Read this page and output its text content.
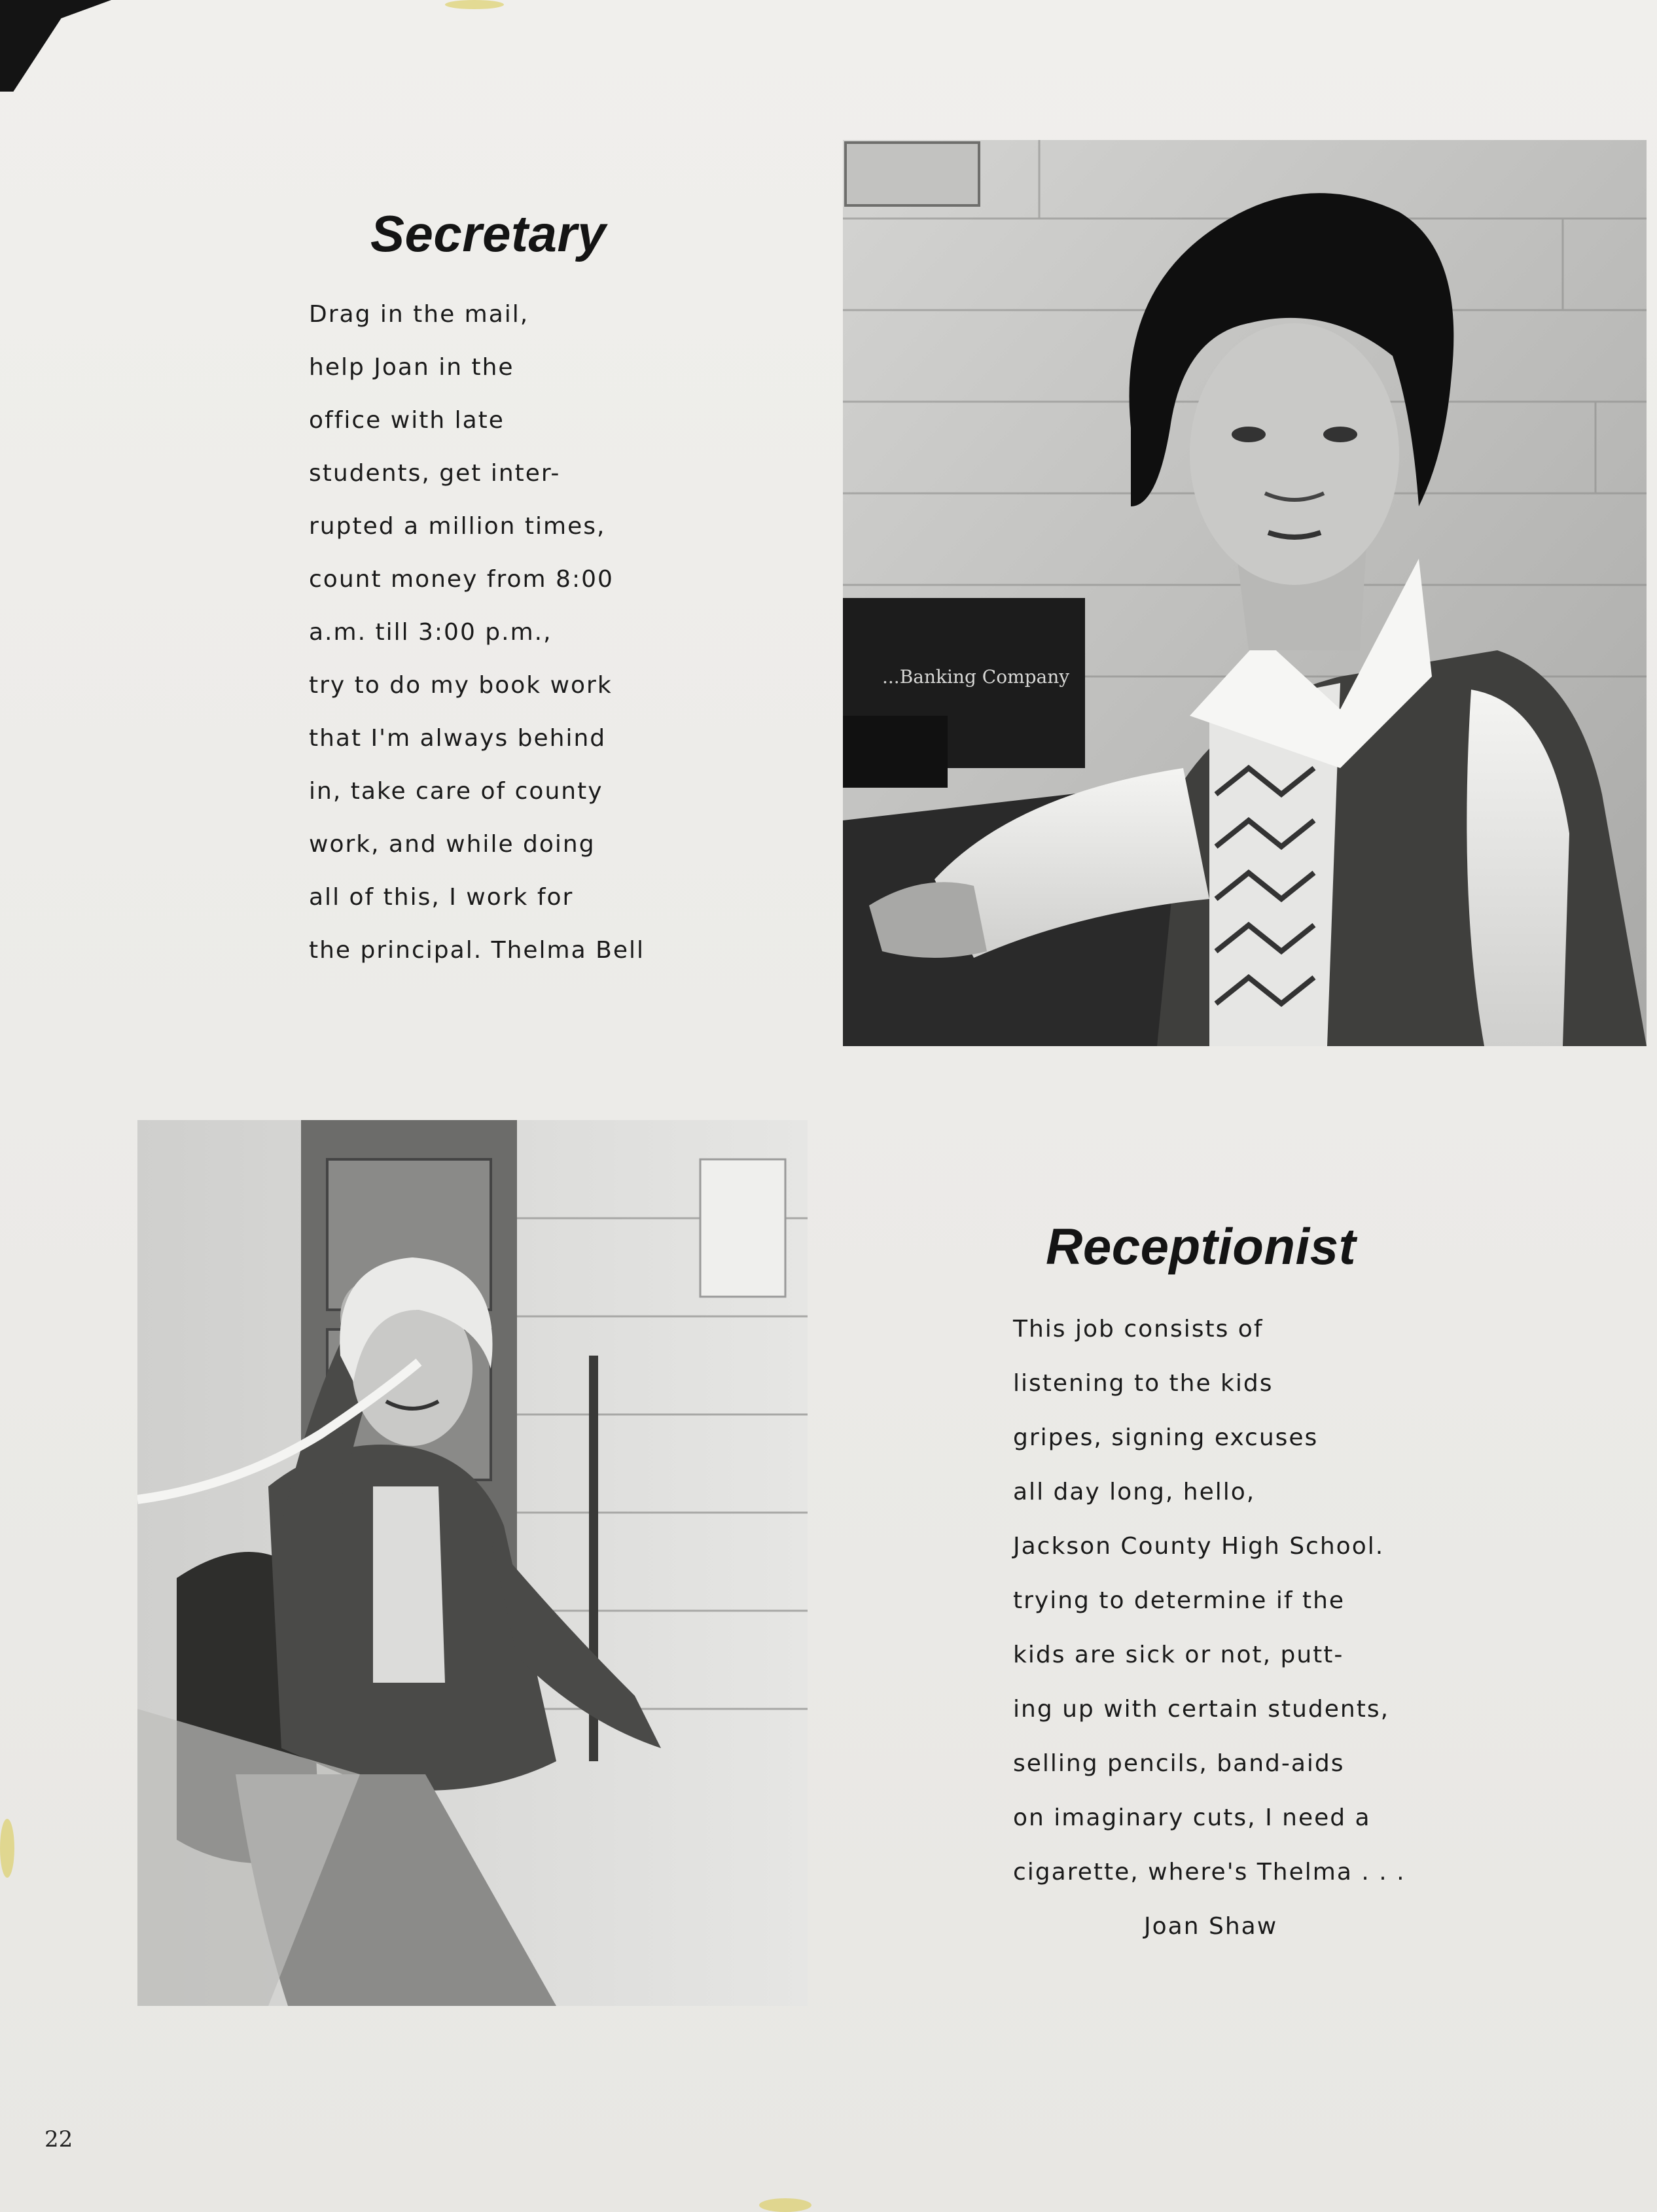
Secretary
Drag in the mail,
help Joan in the
office with late
students, get inter-
rupted a million times,
count money from 8:00
a.m. till 3:00 p.m.,
try to do my book work
that I'm always behind
in, take care of county
work, and while doing
all of this, I work for
the principal. Thelma Bell
...Banking Company
Receptionist
This job consists of
listening to the kids
gripes, signing excuses
all day long, hello,
Jackson County High School.
trying to determine if the
kids are sick or not, putt-
ing up with certain students,
selling pencils, band-aids
on imaginary cuts, I need a
cigarette, where's Thelma . . .
Joan Shaw
22
